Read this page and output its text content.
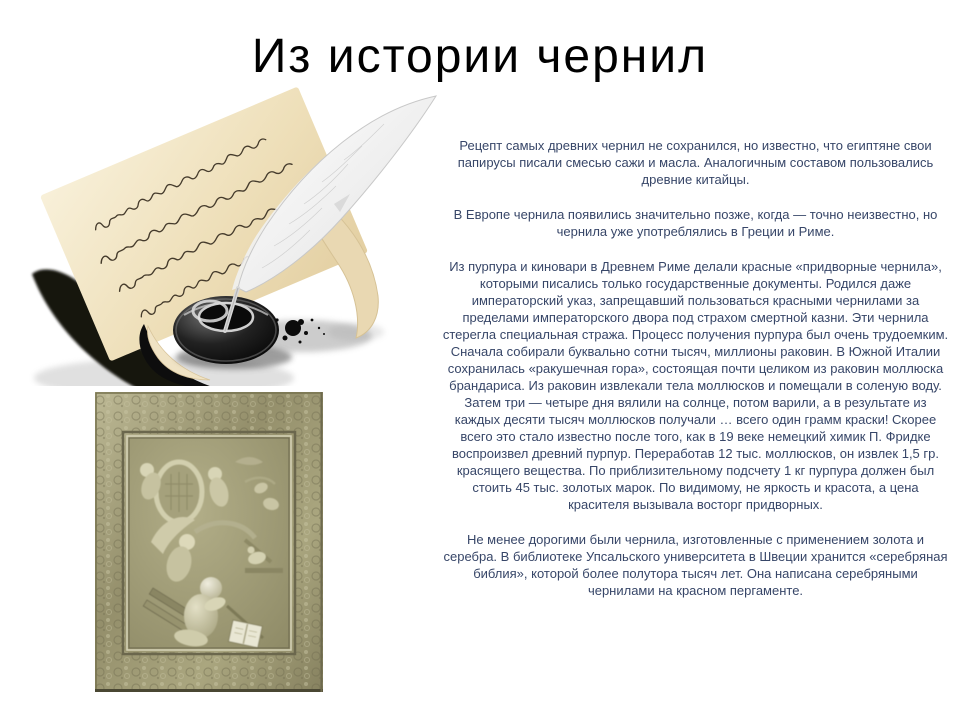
Из истории чернил

Рецепт самых древних чернил не сохранился, но известно, что египтяне свои папирусы писали смесью сажи и масла. Аналогичным составом пользовались древние китайцы.

В Европе чернила появились значительно позже, когда — точно неизвестно, но чернила уже употреблялись в Греции и Риме.

Из пурпура и киновари в Древнем Риме делали красные «придворные чернила», которыми писались только государственные документы. Родился даже императорский указ, запрещавший пользоваться красными чернилами за пределами императорского двора под страхом смертной казни. Эти чернила стерегла специальная стража. Процесс получения пурпура был очень трудоемким. Сначала собирали буквально сотни тысяч, миллионы раковин. В Южной Италии сохранилась «ракушечная гора», состоящая почти целиком из раковин моллюска брандариса. Из раковин извлекали тела моллюсков и помещали в соленую воду. Затем три — четыре дня вялили на солнце, потом варили, а в результате из каждых десяти тысяч моллюсков получали … всего один грамм краски! Скорее всего это стало известно после того, как в 19 веке немецкий химик П. Фридке воспроизвел древний пурпур. Переработав 12 тыс. моллюсков, он извлек 1,5 гр. красящего вещества. По приблизительному подсчету 1 кг пурпура должен был стоить 45 тыс. золотых марок. По видимому, не яркость и красота, а цена красителя вызывала восторг придворных.

Не менее дорогими были чернила, изготовленные с применением золота и серебра. В библиотеке Упсальского университета в Швеции хранится «серебряная библия», которой более полутора тысяч лет. Она написана серебряными чернилами на красном пергаменте.
